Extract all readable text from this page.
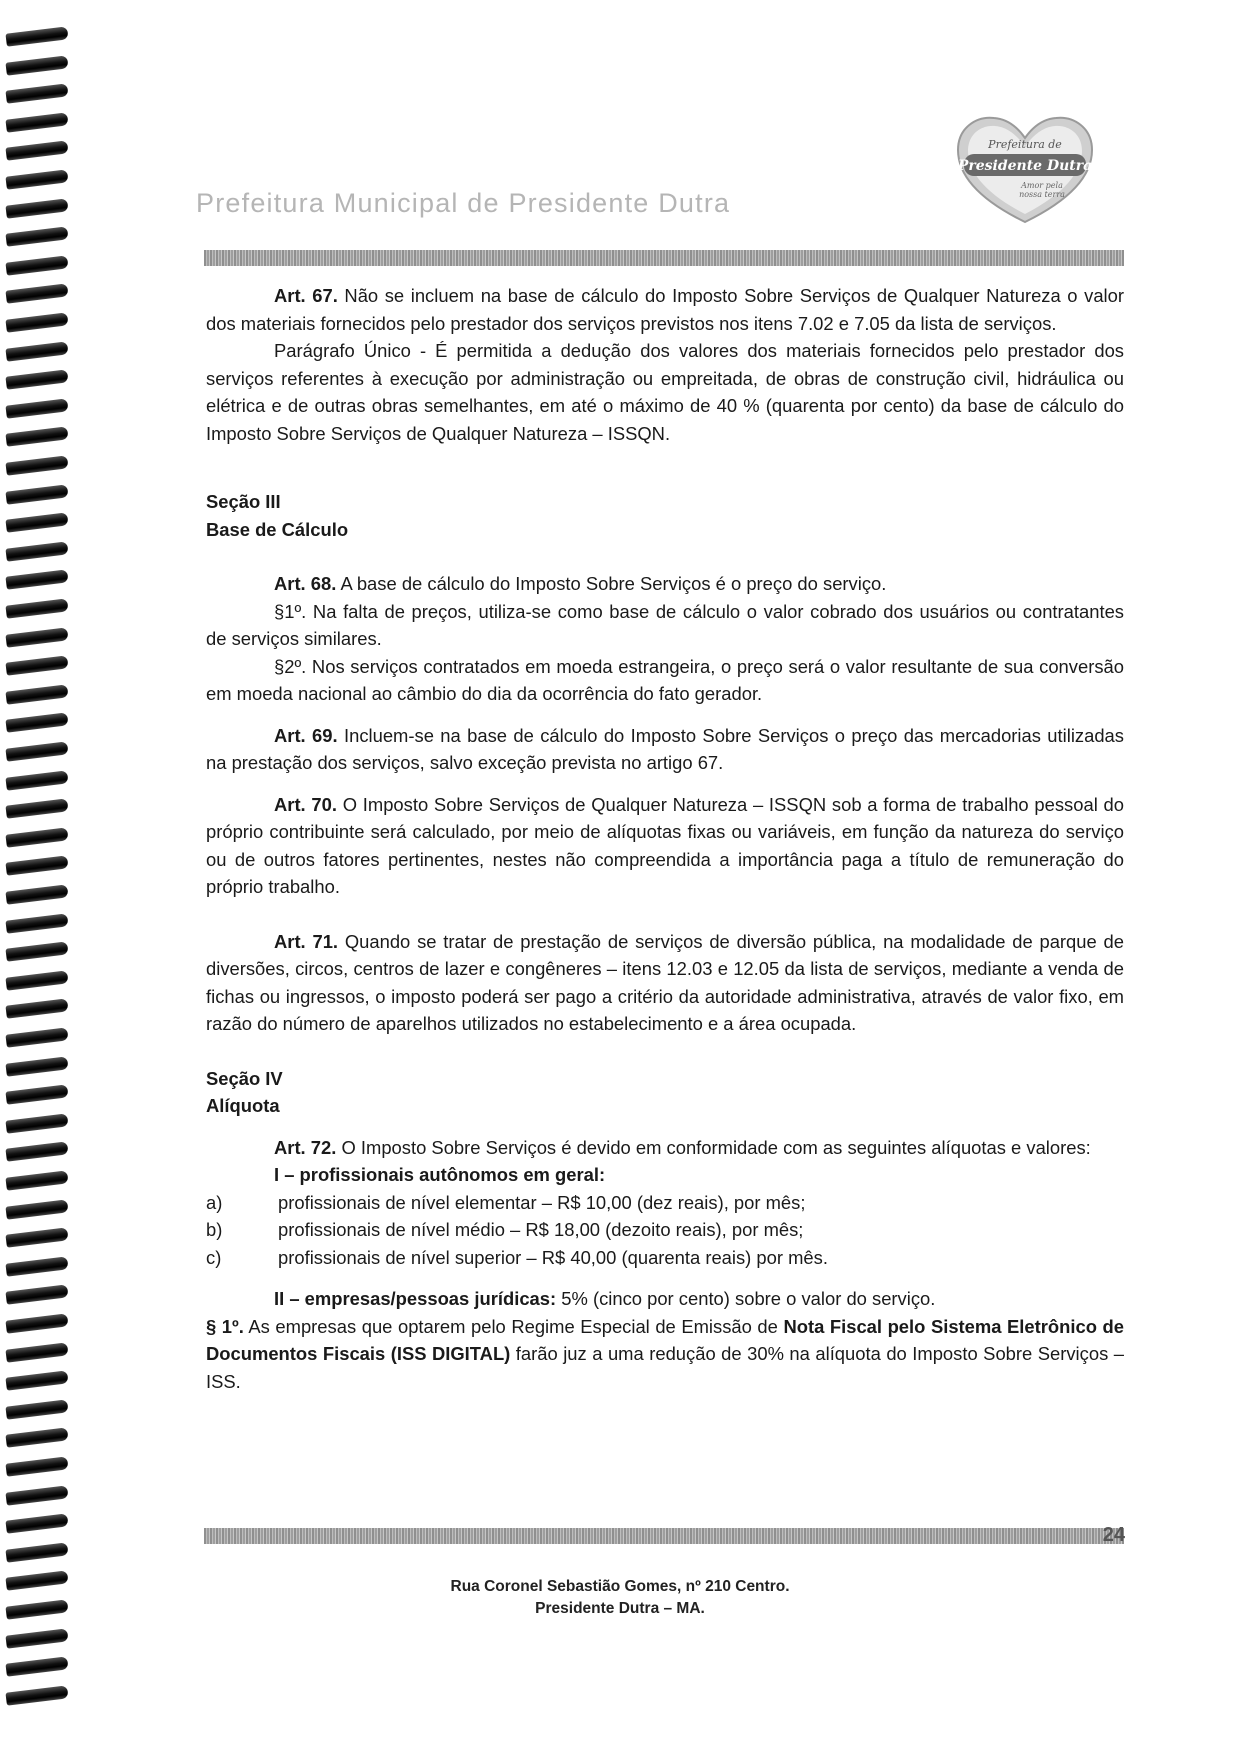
Prefeitura Municipal de Presidente Dutra
Prefeitura de
Presidente Dutra
Amor pela
nossa terra

Art. 67. Não se incluem na base de cálculo do Imposto Sobre Serviços de Qualquer Natureza o valor dos materiais fornecidos pelo prestador dos serviços previstos nos itens 7.02 e 7.05 da lista de serviços.

Parágrafo Único - É permitida a dedução dos valores dos materiais fornecidos pelo prestador dos serviços referentes à execução por administração ou empreitada, de obras de construção civil, hidráulica ou elétrica e de outras obras semelhantes, em até o máximo de 40 % (quarenta por cento) da base de cálculo do Imposto Sobre Serviços de Qualquer Natureza – ISSQN.

Seção III

Base de Cálculo

Art. 68. A base de cálculo do Imposto Sobre Serviços é o preço do serviço.

§1º. Na falta de preços, utiliza-se como base de cálculo o valor cobrado dos usuários ou contratantes de serviços similares.

§2º. Nos serviços contratados em moeda estrangeira, o preço será o valor resultante de sua conversão em moeda nacional ao câmbio do dia da ocorrência do fato gerador.

Art. 69. Incluem-se na base de cálculo do Imposto Sobre Serviços o preço das mercadorias utilizadas na prestação dos serviços, salvo exceção prevista no artigo 67.

Art. 70. O Imposto Sobre Serviços de Qualquer Natureza – ISSQN sob a forma de trabalho pessoal do próprio contribuinte será calculado, por meio de alíquotas fixas ou variáveis, em função da natureza do serviço ou de outros fatores pertinentes, nestes não compreendida a importância paga a título de remuneração do próprio trabalho.

Art. 71. Quando se tratar de prestação de serviços de diversão pública, na modalidade de parque de diversões, circos, centros de lazer e congêneres – itens 12.03 e 12.05 da lista de serviços, mediante a venda de fichas ou ingressos, o imposto poderá ser pago a critério da autoridade administrativa, através de valor fixo, em razão do número de aparelhos utilizados no estabelecimento e a área ocupada.

Seção IV

Alíquota

Art. 72. O Imposto Sobre Serviços é devido em conformidade com as seguintes alíquotas e valores:

I – profissionais autônomos em geral:

a)	profissionais de nível elementar – R$ 10,00 (dez reais), por mês;
b)	profissionais de nível médio – R$ 18,00 (dezoito reais), por mês;
c)	profissionais de nível superior – R$ 40,00 (quarenta reais) por mês.

II – empresas/pessoas jurídicas: 5% (cinco por cento) sobre o valor do serviço.

§ 1º. As empresas que optarem pelo Regime Especial de Emissão de Nota Fiscal pelo Sistema Eletrônico de Documentos Fiscais (ISS DIGITAL) farão juz a uma redução de 30% na alíquota do Imposto Sobre Serviços – ISS.

24
Rua Coronel Sebastião Gomes, nº 210 Centro.
Presidente Dutra – MA.
